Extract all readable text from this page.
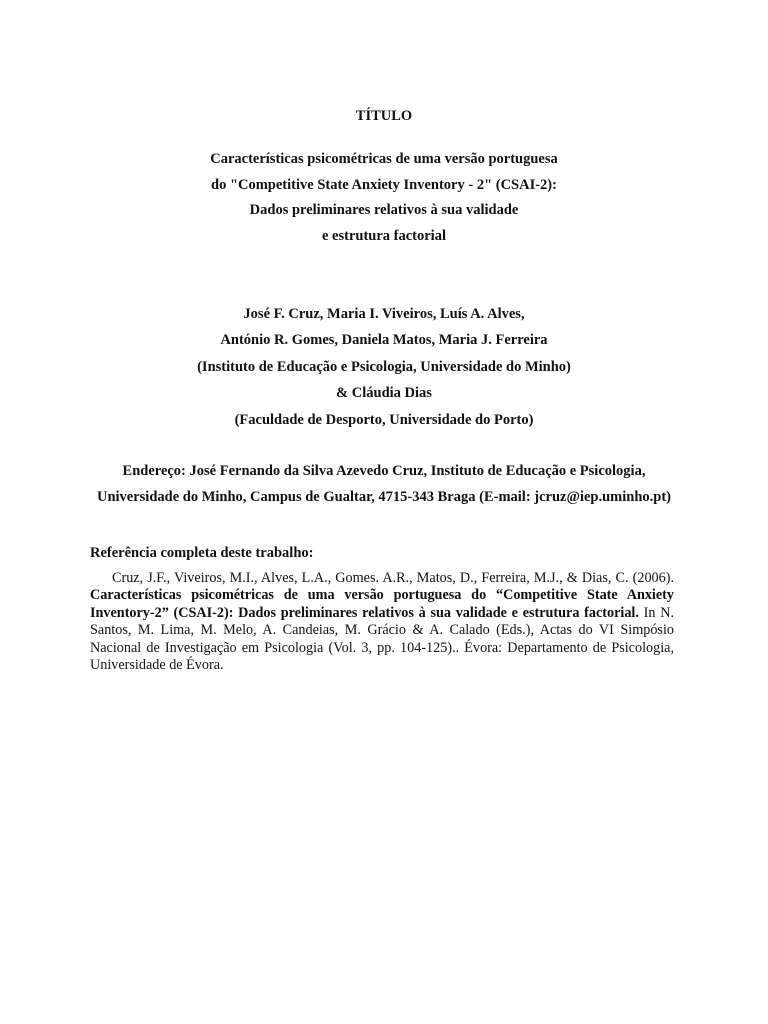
TÍTULO
Características psicométricas de uma versão portuguesa
do "Competitive State Anxiety Inventory - 2" (CSAI-2):
Dados preliminares relativos à sua validade
e estrutura factorial
José F. Cruz, Maria I. Viveiros, Luís A. Alves,
António R. Gomes, Daniela Matos, Maria J. Ferreira
(Instituto de Educação e Psicologia, Universidade do Minho)
& Cláudia Dias
(Faculdade de Desporto, Universidade do Porto)
Endereço: José Fernando da Silva Azevedo Cruz, Instituto de Educação e Psicologia,
Universidade do Minho, Campus de Gualtar, 4715-343 Braga (E-mail: jcruz@iep.uminho.pt)
Referência completa deste trabalho:
Cruz, J.F., Viveiros, M.I., Alves, L.A., Gomes. A.R., Matos, D., Ferreira, M.J., & Dias, C. (2006). Características psicométricas de uma versão portuguesa do “Competitive State Anxiety Inventory-2” (CSAI-2): Dados preliminares relativos à sua validade e estrutura factorial. In N. Santos, M. Lima, M. Melo, A. Candeias, M. Grácio & A. Calado (Eds.), Actas do VI Simpósio Nacional de Investigação em Psicologia (Vol. 3, pp. 104-125).. Évora: Departamento de Psicologia, Universidade de Évora.
